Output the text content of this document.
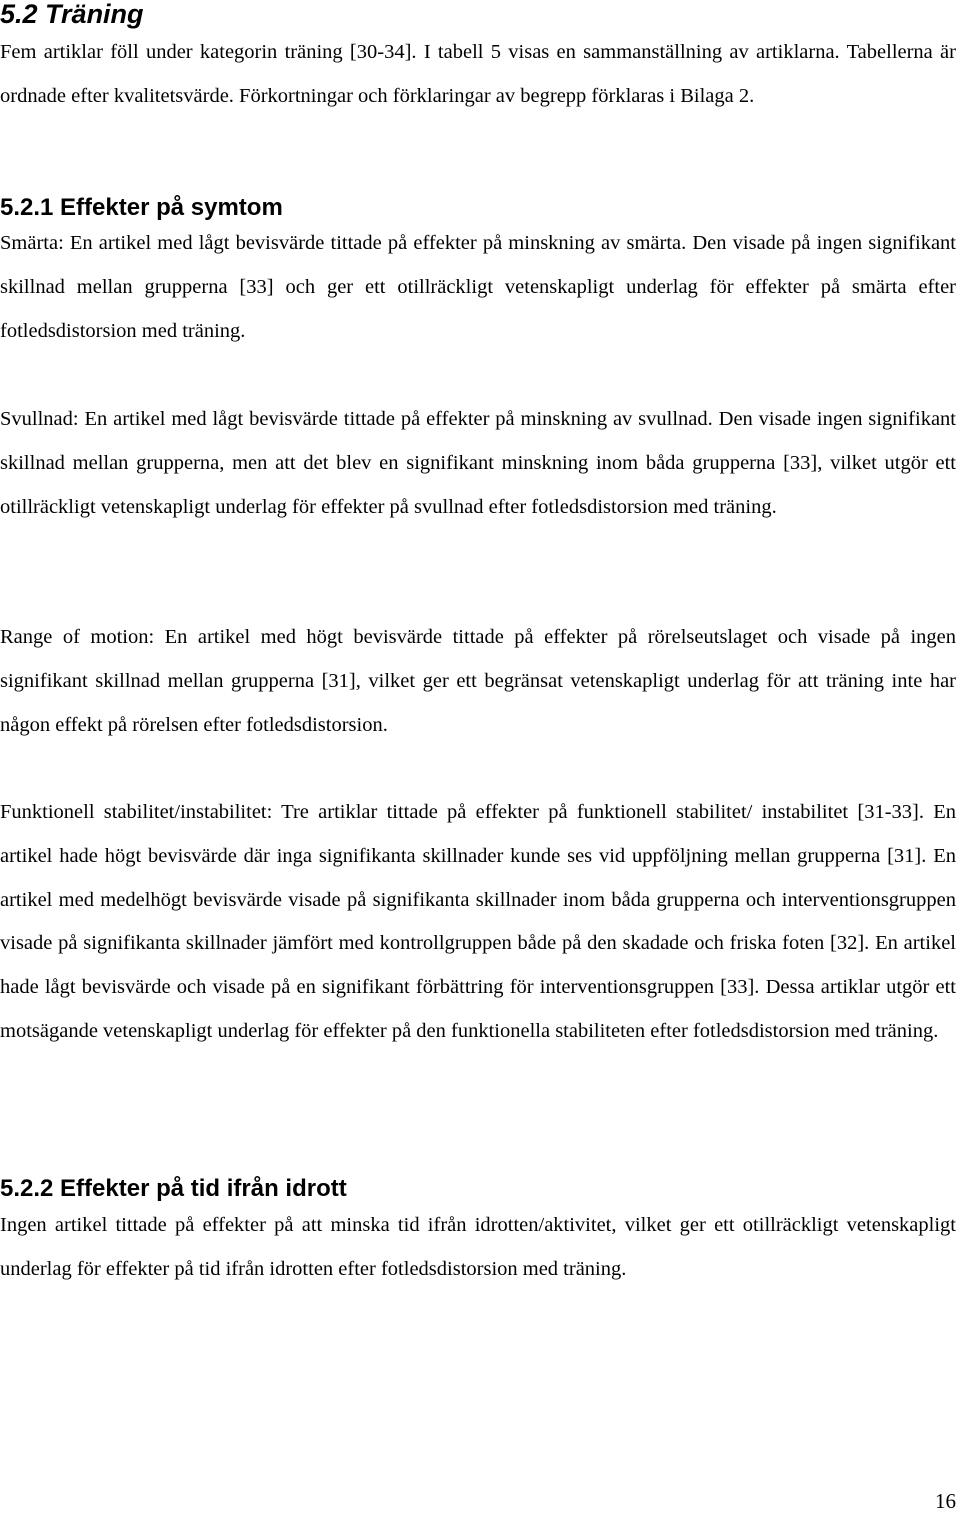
5.2 Träning

Fem artiklar föll under kategorin träning [30-34]. I tabell 5 visas en sammanställning av artiklarna. Tabellerna är ordnade efter kvalitetsvärde. Förkortningar och förklaringar av begrepp förklaras i Bilaga 2.

5.2.1 Effekter på symtom

Smärta: En artikel med lågt bevisvärde tittade på effekter på minskning av smärta. Den visade på ingen signifikant skillnad mellan grupperna [33] och ger ett otillräckligt vetenskapligt underlag för effekter på smärta efter fotledsdistorsion med träning.

Svullnad: En artikel med lågt bevisvärde tittade på effekter på minskning av svullnad. Den visade ingen signifikant skillnad mellan grupperna, men att det blev en signifikant minskning inom båda grupperna [33], vilket utgör ett otillräckligt vetenskapligt underlag för effekter på svullnad efter fotledsdistorsion med träning.

Range of motion: En artikel med högt bevisvärde tittade på effekter på rörelseutslaget och visade på ingen signifikant skillnad mellan grupperna [31], vilket ger ett begränsat vetenskapligt underlag för att träning inte har någon effekt på rörelsen efter fotledsdistorsion.

Funktionell stabilitet/instabilitet: Tre artiklar tittade på effekter på funktionell stabilitet/ instabilitet [31-33]. En artikel hade högt bevisvärde där inga signifikanta skillnader kunde ses vid uppföljning mellan grupperna [31]. En artikel med medelhögt bevisvärde visade på signifikanta skillnader inom båda grupperna och interventionsgruppen visade på signifikanta skillnader jämfört med kontrollgruppen både på den skadade och friska foten [32]. En artikel hade lågt bevisvärde och visade på en signifikant förbättring för interventionsgruppen [33]. Dessa artiklar utgör ett motsägande vetenskapligt underlag för effekter på den funktionella stabiliteten efter fotledsdistorsion med träning.

5.2.2 Effekter på tid ifrån idrott

Ingen artikel tittade på effekter på att minska tid ifrån idrotten/aktivitet, vilket ger ett otillräckligt vetenskapligt underlag för effekter på tid ifrån idrotten efter fotledsdistorsion med träning.

16
